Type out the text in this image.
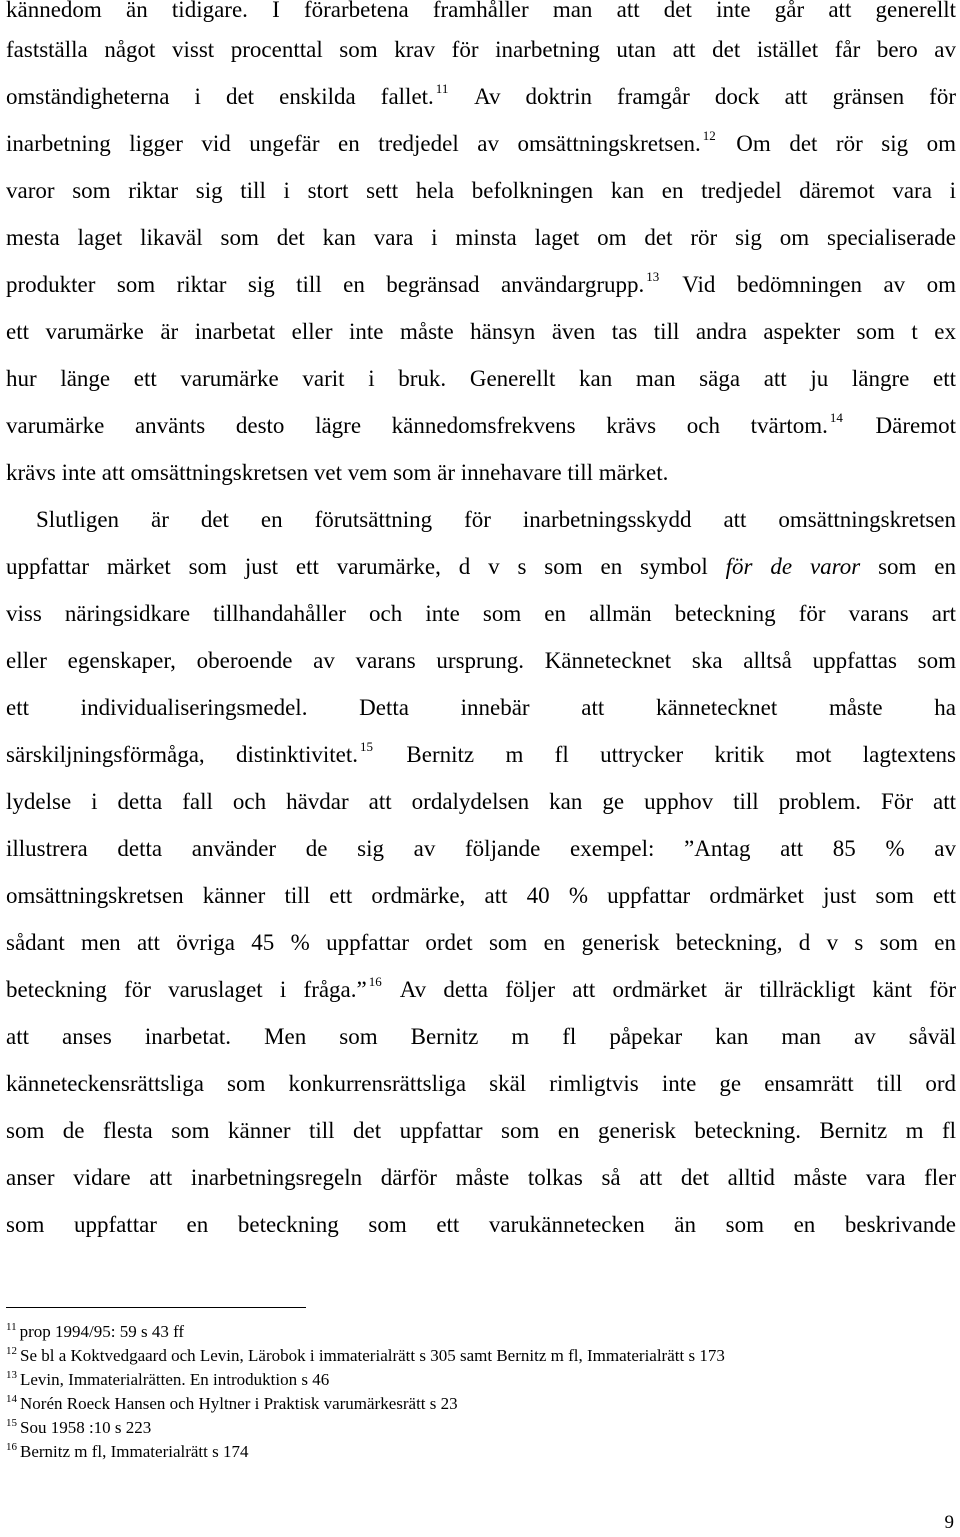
kännedom än tidigare. I förarbetena framhåller man att det inte går att generellt
fastställa något visst procenttal som krav för inarbetning utan att det istället får bero av
omständigheterna i det enskilda fallet. $^{11}$ Av doktrin framgår dock att gränsen för
inarbetning ligger vid ungefär en tredjedel av omsättningskretsen. $^{12}$ Om det rör sig om
varor som riktar sig till i stort sett hela befolkningen kan en tredjedel däremot vara i
mesta laget likaväl som det kan vara i minsta laget om det rör sig om specialiserade
produkter som riktar sig till en begränsad användargrupp. $^{13}$ Vid bedömningen av om
ett varumärke är inarbetat eller inte måste hänsyn även tas till andra aspekter som t ex
hur länge ett varumärke varit i bruk. Generellt kan man säga att ju längre ett
varumärke använts desto lägre kännedomsfrekvens krävs och tvärtom. $^{14}$ Däremot
krävs inte att omsättningskretsen vet vem som är innehavare till märket.
Slutligen är det en förutsättning för inarbetningsskydd att omsättningskretsen
uppfattar märket som just ett varumärke, d v s som en symbol för de varor som en
viss näringsidkare tillhandahåller och inte som en allmän beteckning för varans art
eller egenskaper, oberoende av varans ursprung. Kännetecknet ska alltså uppfattas som
ett individualiseringsmedel. Detta innebär att kännetecknet måste ha
särskiljningsförmåga, distinktivitet. $^{15}$ Bernitz m fl uttrycker kritik mot lagtextens
lydelse i detta fall och hävdar att ordalydelsen kan ge upphov till problem. För att
illustrera detta använder de sig av följande exempel: ”Antag att 85 % av
omsättningskretsen känner till ett ordmärke, att 40 % uppfattar ordmärket just som ett
sådant men att övriga 45 % uppfattar ordet som en generisk beteckning, d v s som en
beteckning för varuslaget i fråga.” $^{16}$ Av detta följer att ordmärket är tillräckligt känt för
att anses inarbetat. Men som Bernitz m fl påpekar kan man av såväl
känneteckensrättsliga som konkurrensrättsliga skäl rimligtvis inte ge ensamrätt till ord
som de flesta som känner till det uppfattar som en generisk beteckning. Bernitz m fl
anser vidare att inarbetningsregeln därför måste tolkas så att det alltid måste vara fler
som uppfattar en beteckning som ett varukännetecken än som en beskrivande
$^{11}$ prop 1994/95: 59 s 43 ff
$^{12}$ Se bl a Koktvedgaard och Levin, Lärobok i immaterialrätt s 305 samt Bernitz m fl, Immaterialrätt s 173
$^{13}$ Levin, Immaterialrätten. En introduktion s 46
$^{14}$ Norén Roeck Hansen och Hyltner i Praktisk varumärkesrätt s 23
$^{15}$ Sou 1958 :10 s 223
$^{16}$ Bernitz m fl, Immaterialrätt s 174
9
